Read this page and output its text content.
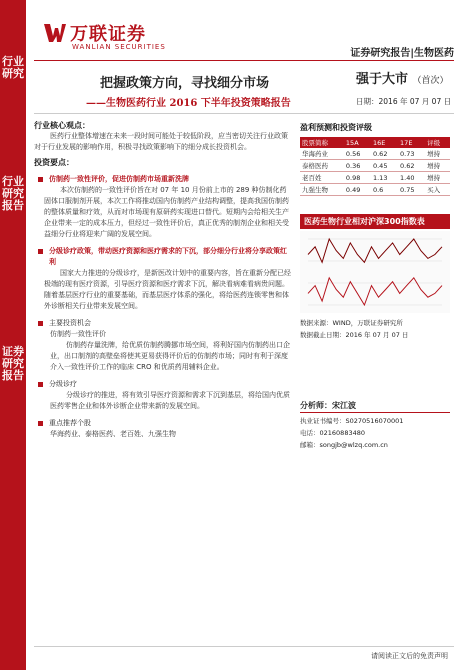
行业研究
行业研究报告
证券研究报告
万联证券
WANLIAN SECURITIES
证券研究报告|生物医药
把握政策方向，寻找细分市场
——生物医药行业 2016 下半年投资策略报告
强于大市 （首次）
日期：2016 年 07 月 07 日
行业核心观点：

医药行业整体增速在未来一段时间可能处于较低阶段，应当密切关注行业政策对于行业发展的影响作用，积极寻找政策影响下的细分成长投资机会。

投资要点：
仿制药一致性评价，促进仿制药市场重新洗牌

本次仿制药的一致性评价旨在对 07 年 10 月份前上市的 289 种仿制化药固体口服制剂开展，本次工作将推动国内仿制药产业结构调整，提高我国仿制药的整体质量和疗效，从而对市场现有原研药实现进口替代。短期内会给相关生产企业带来一定的成本压力，但经过一致性评价后，真正优秀的制剂企业和相关受益细分行业将迎来广阔的发展空间。

分级诊疗政策，带动医疗资源和医疗需求的下沉，部分细分行业将分享政策红利

国家大力推进的分级诊疗，是新医改计划中的重要内容，旨在重新分配已经极端的现有医疗资源，引导医疗资源和医疗需求下沉，解决看病难看病贵问题。随着基层医疗行业的重要基础，而基层医疗体系的强化，将给医药连锁零售和体外诊断相关行业带来发展空间。

主要投资机会

仿制药一致性评价

仿制药存量洗牌，给优质仿制药腾挪市场空间，将利好国内仿制药出口企业，出口制剂的高壁垒将使其更易获得评价后的仿制药市场；同时有利于深度介入一致性评价工作的临床 CRO 和优质药用辅料企业。

分级诊疗

分级诊疗的推进，将有效引导医疗资源和需求下沉到基层，将给国内优质医药零售企业和体外诊断企业带来新的发展空间。

重点推荐个股

华海药业、泰格医药、老百姓、九强生物

盈利预测和投资评级
股票简称	15A	16E	17E	评级
华海药业	0.56	0.62	0.73	增持
泰格医药	0.36	0.45	0.62	增持
老百姓	0.98	1.13	1.40	增持
九强生物	0.49	0.6	0.75	买入
医药生物行业相对沪深300指数表
数据来源：WIND，万联证券研究所
数据截止日期：2016 年 07 月 07 日
分析师：宋江波
执业证书编号：S0270516070001
电话：02160883480
邮箱：songjb@wlzq.com.cn
请阅读正文后的免责声明
